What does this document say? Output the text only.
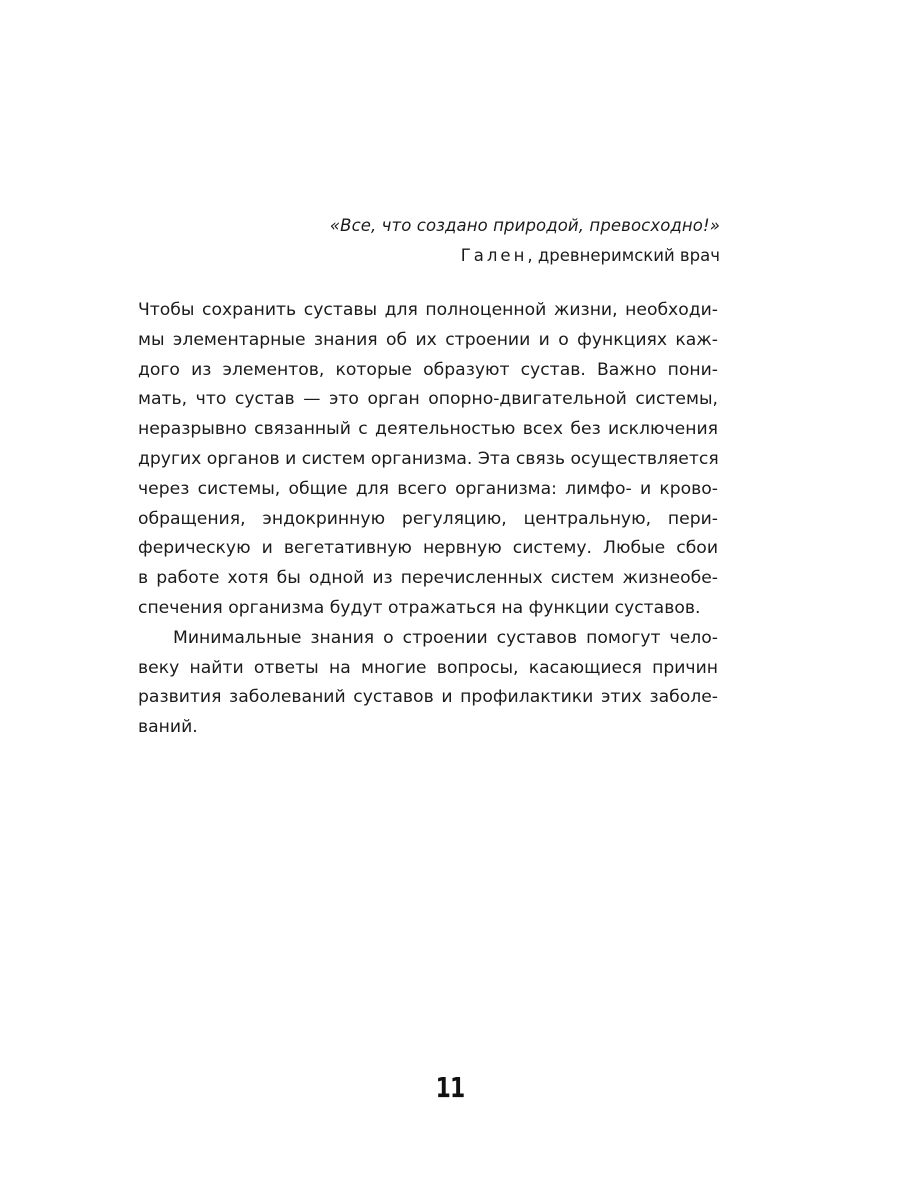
«Все, что создано природой, превосходно!»
Гален, древнеримский врач
Чтобы сохранить суставы для полноценной жизни, необходи-
мы элементарные знания об их строении и о функциях каж-
дого из элементов, которые образуют сустав. Важно пони-
мать, что сустав — это орган опорно-двигательной системы,
неразрывно связанный с деятельностью всех без исключения
других органов и систем организма. Эта связь осуществляется
через системы, общие для всего организма: лимфо- и крово-
обращения, эндокринную регуляцию, центральную, пери-
ферическую и вегетативную нервную систему. Любые сбои
в работе хотя бы одной из перечисленных систем жизнеобе-
спечения организма будут отражаться на функции суставов.
Минимальные знания о строении суставов помогут чело-
веку найти ответы на многие вопросы, касающиеся причин
развития заболеваний суставов и профилактики этих заболе-
ваний.
11
